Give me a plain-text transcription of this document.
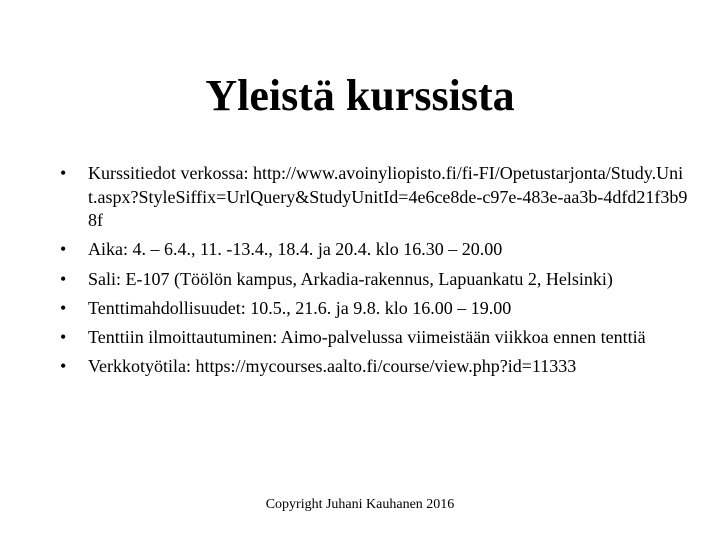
Yleistä kurssista
• Kurssitiedot verkossa: http://www.avoinyliopisto.fi/fi-FI/Opetustarjonta/Study.Unit.aspx?StyleSiffix=UrlQuery&StudyUnitId=4e6ce8de-c97e-483e-aa3b-4dfd21f3b98f
• Aika: 4. – 6.4., 11. -13.4., 18.4. ja 20.4. klo 16.30 – 20.00
• Sali: E-107 (Töölön kampus, Arkadia-rakennus, Lapuankatu 2, Helsinki)
• Tenttimahdollisuudet: 10.5., 21.6. ja 9.8. klo 16.00 – 19.00
• Tenttiin ilmoittautuminen: Aimo-palvelussa viimeistään viikkoa ennen tenttiä
• Verkkotyötila: https://mycourses.aalto.fi/course/view.php?id=11333
Copyright Juhani Kauhanen 2016
